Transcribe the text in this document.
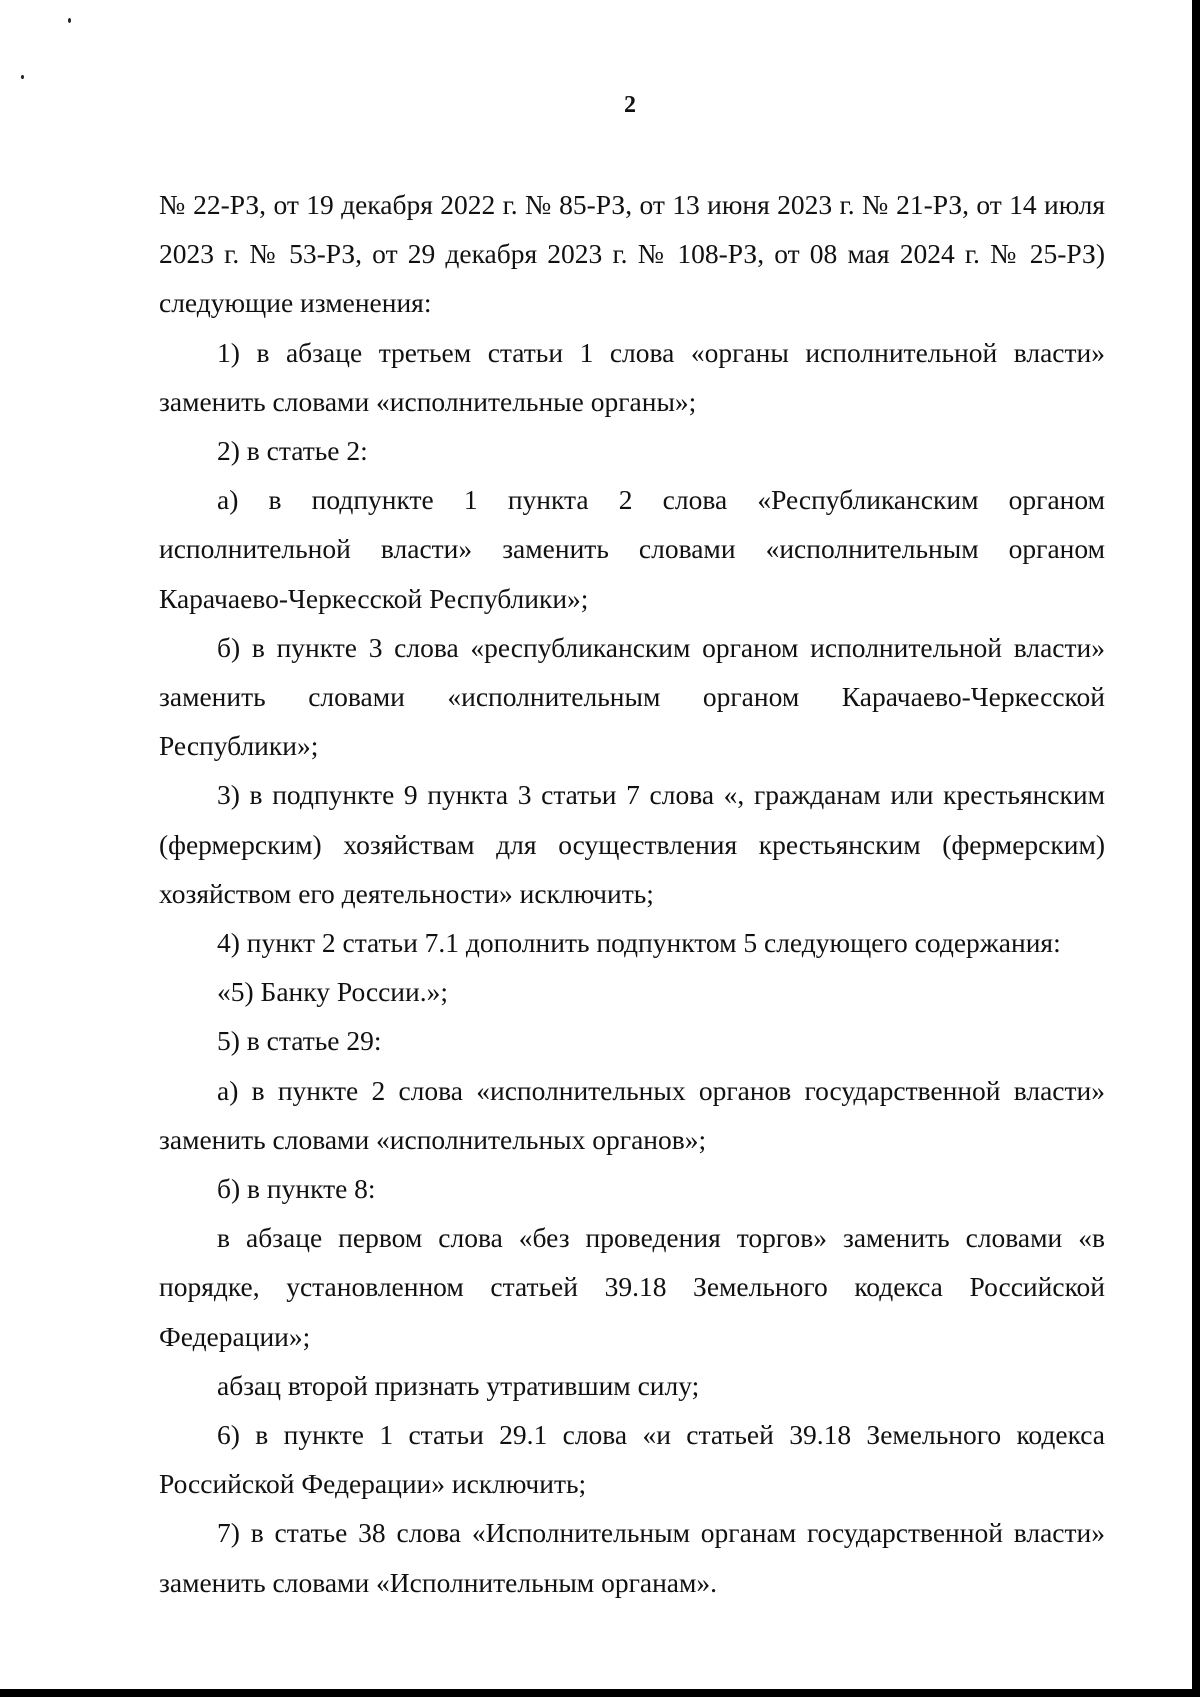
2

№ 22-РЗ, от 19 декабря 2022 г. № 85-РЗ, от 13 июня 2023 г. № 21-РЗ, от 14 июля 2023 г. № 53-РЗ, от 29 декабря 2023 г. № 108-РЗ, от 08 мая 2024 г. № 25-РЗ) следующие изменения:

1) в абзаце третьем статьи 1 слова «органы исполнительной власти» заменить словами «исполнительные органы»;

2) в статье 2:

а) в подпункте 1 пункта 2 слова «Республиканским органом исполнительной власти» заменить словами «исполнительным органом Карачаево-Черкесской Республики»;

б) в пункте 3 слова «республиканским органом исполнительной власти» заменить словами «исполнительным органом Карачаево-Черкесской Республики»;

3) в подпункте 9 пункта 3 статьи 7 слова «, гражданам или крестьянским (фермерским) хозяйствам для осуществления крестьянским (фермерским) хозяйством его деятельности» исключить;

4) пункт 2 статьи 7.1 дополнить подпунктом 5 следующего содержания:

«5) Банку России.»;

5) в статье 29:

а) в пункте 2 слова «исполнительных органов государственной власти» заменить словами «исполнительных органов»;

б) в пункте 8:

в абзаце первом слова «без проведения торгов» заменить словами «в порядке, установленном статьей 39.18 Земельного кодекса Российской Федерации»;

абзац второй признать утратившим силу;

6) в пункте 1 статьи 29.1 слова «и статьей 39.18 Земельного кодекса Российской Федерации» исключить;

7) в статье 38 слова «Исполнительным органам государственной власти» заменить словами «Исполнительным органам».
